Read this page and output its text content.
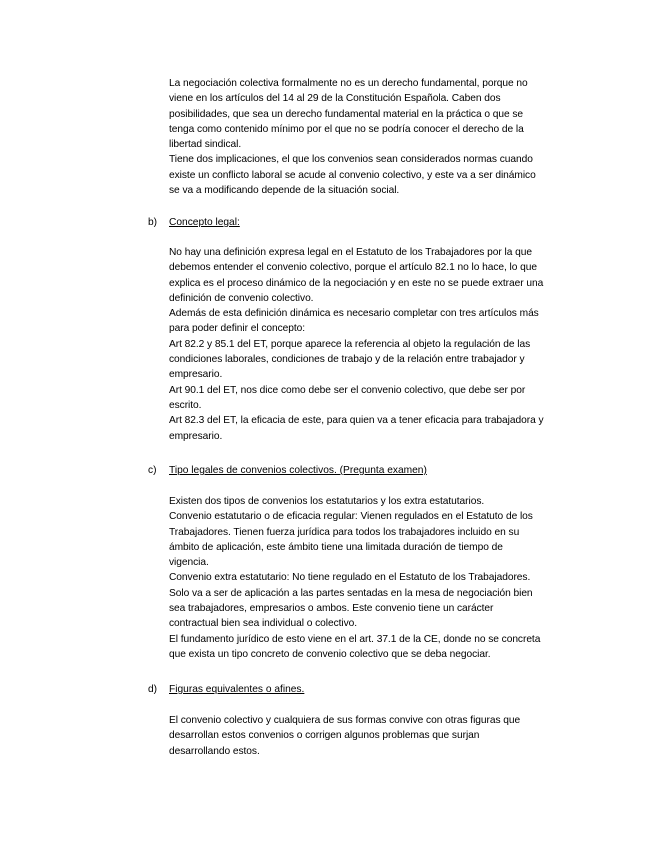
La negociación colectiva formalmente no es un derecho fundamental, porque no
viene en los artículos del 14 al 29 de la Constitución Española. Caben dos
posibilidades, que sea un derecho fundamental material en la práctica o que se
tenga como contenido mínimo por el que no se podría conocer el derecho de la
libertad sindical.
Tiene dos implicaciones, el que los convenios sean considerados normas cuando
existe un conflicto laboral se acude al convenio colectivo, y este va a ser dinámico
se va a modificando depende de la situación social.
b) Concepto legal:
No hay una definición expresa legal en el Estatuto de los Trabajadores por la que
debemos entender el convenio colectivo, porque el artículo 82.1 no lo hace, lo que
explica es el proceso dinámico de la negociación y en este no se puede extraer una
definición de convenio colectivo.
Además de esta definición dinámica es necesario completar con tres artículos más
para poder definir el concepto:
Art 82.2 y 85.1 del ET, porque aparece la referencia al objeto la regulación de las
condiciones laborales, condiciones de trabajo y de la relación entre trabajador y
empresario.
Art 90.1 del ET, nos dice como debe ser el convenio colectivo, que debe ser por
escrito.
Art 82.3 del ET, la eficacia de este, para quien va a tener eficacia para trabajadora y
empresario.
c) Tipo legales de convenios colectivos. (Pregunta examen)
Existen dos tipos de convenios los estatutarios y los extra estatutarios.
Convenio estatutario o de eficacia regular: Vienen regulados en el Estatuto de los
Trabajadores. Tienen fuerza jurídica para todos los trabajadores incluido en su
ámbito de aplicación, este ámbito tiene una limitada duración de tiempo de
vigencia.
Convenio extra estatutario: No tiene regulado en el Estatuto de los Trabajadores.
Solo va a ser de aplicación a las partes sentadas en la mesa de negociación bien
sea trabajadores, empresarios o ambos. Este convenio tiene un carácter
contractual bien sea individual o colectivo.
El fundamento jurídico de esto viene en el art. 37.1 de la CE, donde no se concreta
que exista un tipo concreto de convenio colectivo que se deba negociar.
d) Figuras equivalentes o afines.
El convenio colectivo y cualquiera de sus formas convive con otras figuras que
desarrollan estos convenios o corrigen algunos problemas que surjan
desarrollando estos.
